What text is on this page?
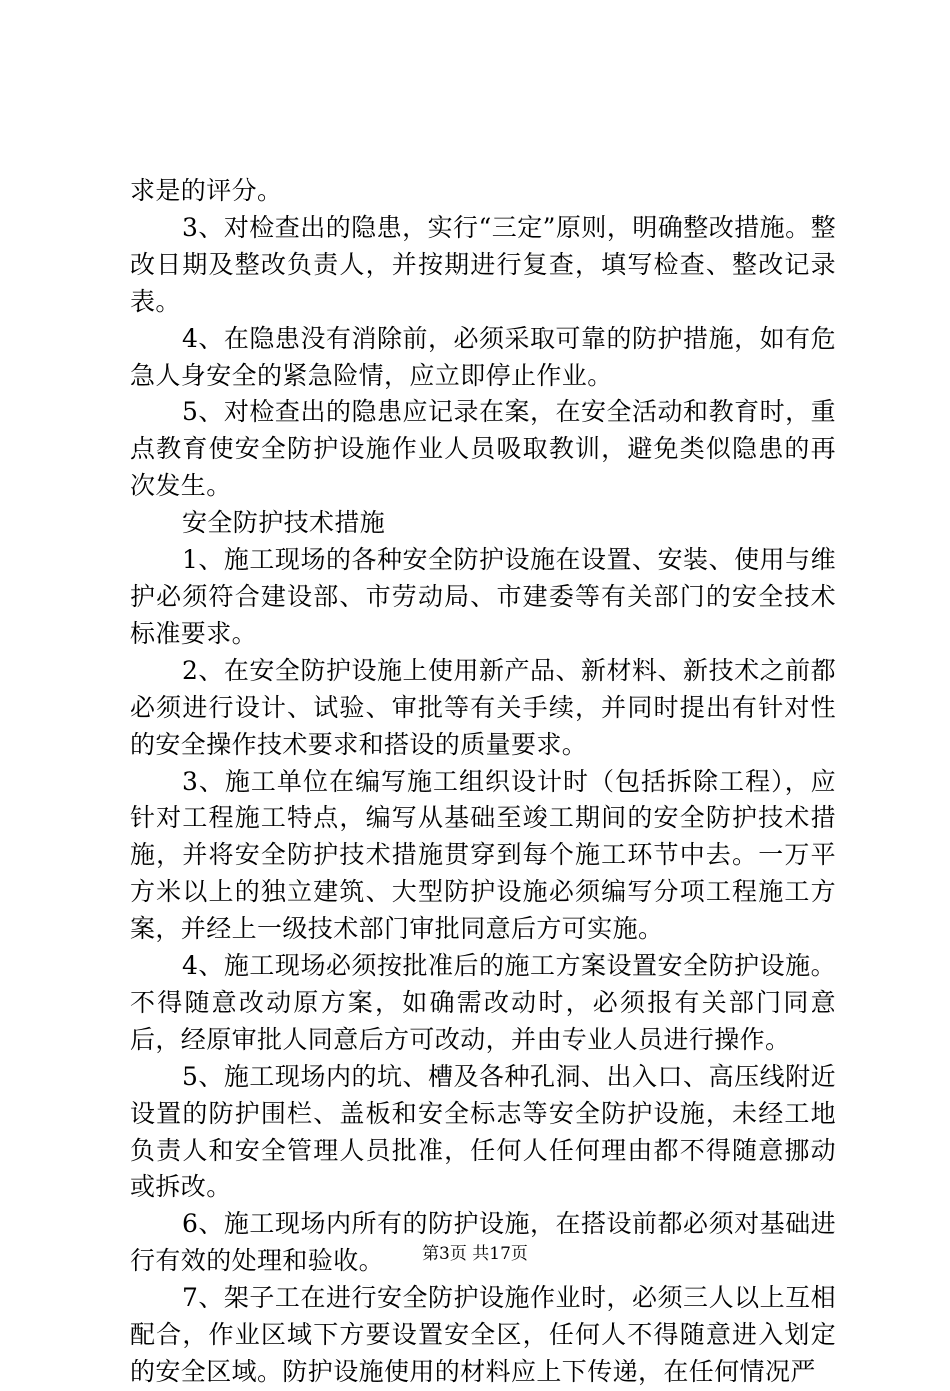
求是的评分。

3、对检查出的隐患，实行“三定”原则，明确整改措施。整改日期及整改负责人，并按期进行复查，填写检查、整改记录表。

4、在隐患没有消除前，必须采取可靠的防护措施，如有危急人身安全的紧急险情，应立即停止作业。

5、对检查出的隐患应记录在案，在安全活动和教育时，重点教育使安全防护设施作业人员吸取教训，避免类似隐患的再次发生。

安全防护技术措施

1、施工现场的各种安全防护设施在设置、安装、使用与维护必须符合建设部、市劳动局、市建委等有关部门的安全技术标准要求。

2、在安全防护设施上使用新产品、新材料、新技术之前都必须进行设计、试验、审批等有关手续，并同时提出有针对性的安全操作技术要求和搭设的质量要求。

3、施工单位在编写施工组织设计时（包括拆除工程），应针对工程施工特点，编写从基础至竣工期间的安全防护技术措施，并将安全防护技术措施贯穿到每个施工环节中去。一万平方米以上的独立建筑、大型防护设施必须编写分项工程施工方案，并经上一级技术部门审批同意后方可实施。

4、施工现场必须按批准后的施工方案设置安全防护设施。不得随意改动原方案，如确需改动时，必须报有关部门同意后，经原审批人同意后方可改动，并由专业人员进行操作。

5、施工现场内的坑、槽及各种孔洞、出入口、高压线附近设置的防护围栏、盖板和安全标志等安全防护设施，未经工地负责人和安全管理人员批准，任何人任何理由都不得随意挪动或拆改。

6、施工现场内所有的防护设施，在搭设前都必须对基础进行有效的处理和验收。

7、架子工在进行安全防护设施作业时，必须三人以上互相配合，作业区域下方要设置安全区，任何人不得随意进入划定的安全区域。防护设施使用的材料应上下传递，在任何情况严

第3页 共17页
